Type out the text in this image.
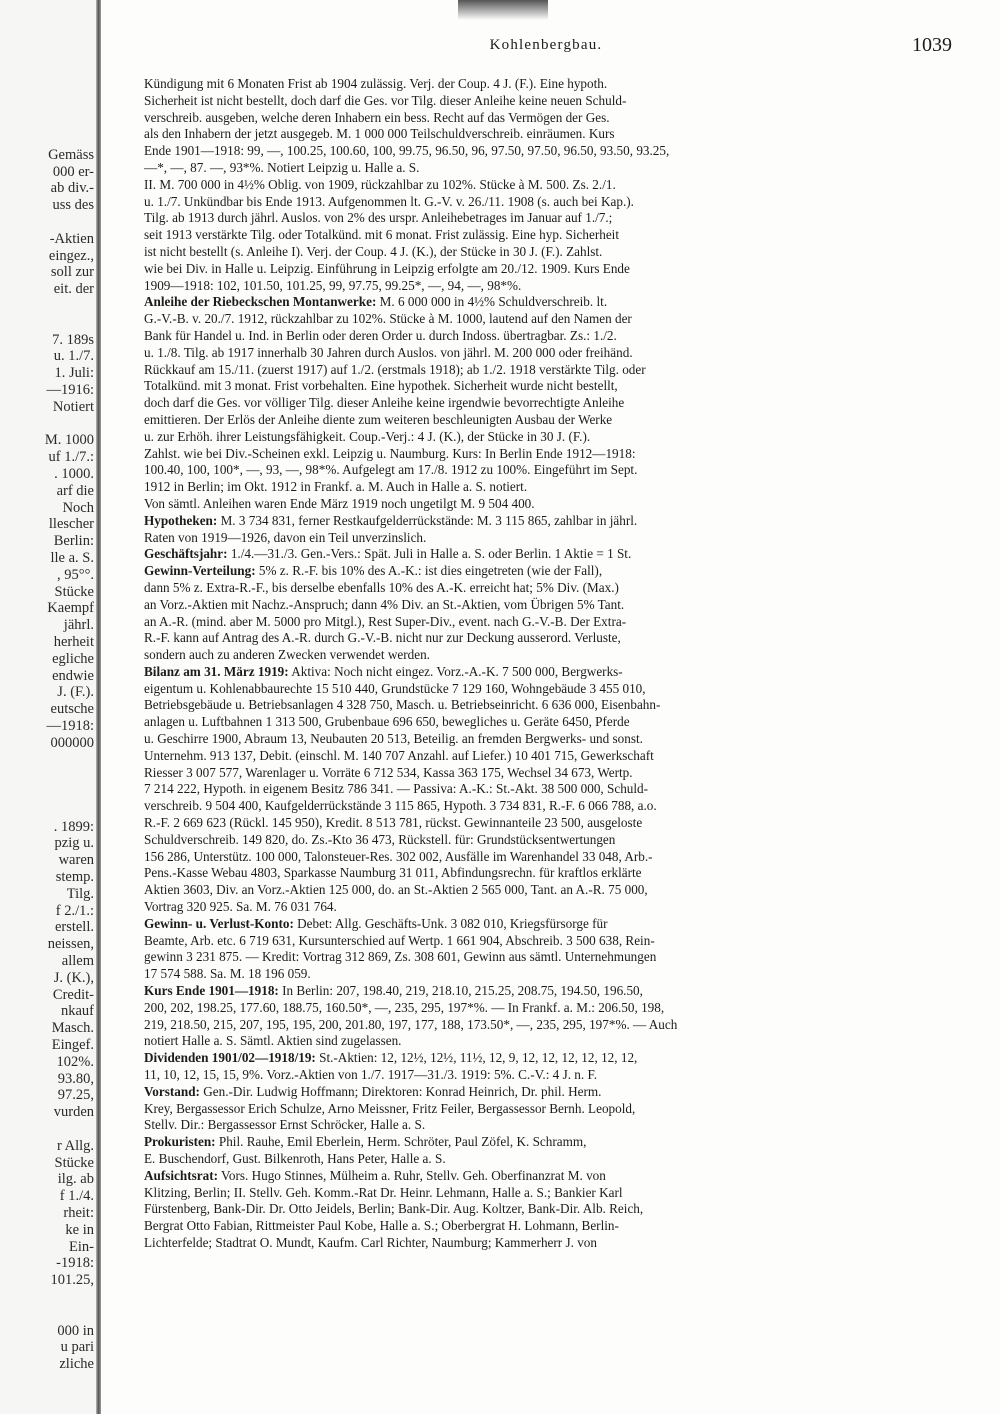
Gemäss
000 er-
ab div.-
uss des

-Aktien
eingez.,
soll zur
eit. der

7. 189s
u. 1./7.
1. Juli:
—1916:
Notiert

M. 1000
uf 1./7.:
. 1000.
arf die
Noch
llescher
Berlin:
lle a. S.
, 95°°.
Stücke
Kaempf
jährl.
herheit
egliche
endwie
J. (F.).
eutsche
—1918:
000000

. 1899:
pzig u.
waren
stemp.
Tilg.
f 2./1.:
erstell.
neissen,
allem
J. (K.),
Credit-
nkauf
Masch.
Eingef.
102%.
93.80,
97.25,
vurden

r Allg.
Stücke
ilg. ab
f 1./4.
rheit:
ke in
Ein-
-1918:
101.25,

000 in
u pari
zliche
Kohlenbergbau.	1039
Kündigung mit 6 Monaten Frist ab 1904 zulässig. Verj. der Coup. 4 J. (F.). Eine hypoth.
Sicherheit ist nicht bestellt, doch darf die Ges. vor Tilg. dieser Anleihe keine neuen Schuld-
verschreib. ausgeben, welche deren Inhabern ein bess. Recht auf das Vermögen der Ges.
als den Inhabern der jetzt ausgegeb. M. 1 000 000 Teilschuldverschreib. einräumen. Kurs
Ende 1901—1918: 99, —, 100.25, 100.60, 100, 99.75, 96.50, 96, 97.50, 97.50, 96.50, 93.50, 93.25,
—*, —, 87. —, 93*%. Notiert Leipzig u. Halle a. S.
II. M. 700 000 in 4½% Oblig. von 1909, rückzahlbar zu 102%. Stücke à M. 500. Zs. 2./1.
u. 1./7. Unkündbar bis Ende 1913. Aufgenommen lt. G.-V. v. 26./11. 1908 (s. auch bei Kap.).
Tilg. ab 1913 durch jährl. Auslos. von 2% des urspr. Anleihebetrages im Januar auf 1./7.;
seit 1913 verstärkte Tilg. oder Totalkünd. mit 6 monat. Frist zulässig. Eine hyp. Sicherheit
ist nicht bestellt (s. Anleihe I). Verj. der Coup. 4 J. (K.), der Stücke in 30 J. (F.). Zahlst.
wie bei Div. in Halle u. Leipzig. Einführung in Leipzig erfolgte am 20./12. 1909. Kurs Ende
1909—1918: 102, 101.50, 101.25, 99, 97.75, 99.25*, —, 94, —, 98*%.
Anleihe der Riebeckschen Montanwerke: M. 6 000 000 in 4½% Schuldverschreib. lt.
G.-V.-B. v. 20./7. 1912, rückzahlbar zu 102%. Stücke à M. 1000, lautend auf den Namen der
Bank für Handel u. Ind. in Berlin oder deren Order u. durch Indoss. übertragbar. Zs.: 1./2.
u. 1./8. Tilg. ab 1917 innerhalb 30 Jahren durch Auslos. von jährl. M. 200 000 oder freihänd.
Rückkauf am 15./11. (zuerst 1917) auf 1./2. (erstmals 1918); ab 1./2. 1918 verstärkte Tilg. oder
Totalkünd. mit 3 monat. Frist vorbehalten. Eine hypothek. Sicherheit wurde nicht bestellt,
doch darf die Ges. vor völliger Tilg. dieser Anleihe keine irgendwie bevorrechtigte Anleihe
emittieren. Der Erlös der Anleihe diente zum weiteren beschleunigten Ausbau der Werke
u. zur Erhöh. ihrer Leistungsfähigkeit. Coup.-Verj.: 4 J. (K.), der Stücke in 30 J. (F.).
Zahlst. wie bei Div.-Scheinen exkl. Leipzig u. Naumburg. Kurs: In Berlin Ende 1912—1918:
100.40, 100, 100*, —, 93, —, 98*%. Aufgelegt am 17./8. 1912 zu 100%. Eingeführt im Sept.
1912 in Berlin; im Okt. 1912 in Frankf. a. M. Auch in Halle a. S. notiert.
Von sämtl. Anleihen waren Ende März 1919 noch ungetilgt M. 9 504 400.
Hypotheken: M. 3 734 831, ferner Restkaufgelderrückstände: M. 3 115 865, zahlbar in jährl.
Raten von 1919—1926, davon ein Teil unverzinslich.
Geschäftsjahr: 1./4.—31./3. Gen.-Vers.: Spät. Juli in Halle a. S. oder Berlin. 1 Aktie = 1 St.
Gewinn-Verteilung: 5% z. R.-F. bis 10% des A.-K.: ist dies eingetreten (wie der Fall),
dann 5% z. Extra-R.-F., bis derselbe ebenfalls 10% des A.-K. erreicht hat; 5% Div. (Max.)
an Vorz.-Aktien mit Nachz.-Anspruch; dann 4% Div. an St.-Aktien, vom Übrigen 5% Tant.
an A.-R. (mind. aber M. 5000 pro Mitgl.), Rest Super-Div., event. nach G.-V.-B. Der Extra-
R.-F. kann auf Antrag des A.-R. durch G.-V.-B. nicht nur zur Deckung ausserord. Verluste,
sondern auch zu anderen Zwecken verwendet werden.
Bilanz am 31. März 1919: Aktiva: Noch nicht eingez. Vorz.-A.-K. 7 500 000, Bergwerks-
eigentum u. Kohlenabbaurechte 15 510 440, Grundstücke 7 129 160, Wohngebäude 3 455 010,
Betriebsgebäude u. Betriebsanlagen 4 328 750, Masch. u. Betriebseinricht. 6 636 000, Eisenbahn-
anlagen u. Luftbahnen 1 313 500, Grubenbaue 696 650, bewegliches u. Geräte 6450, Pferde
u. Geschirre 1900, Abraum 13, Neubauten 20 513, Beteilig. an fremden Bergwerks- und sonst.
Unternehm. 913 137, Debit. (einschl. M. 140 707 Anzahl. auf Liefer.) 10 401 715, Gewerkschaft
Riesser 3 007 577, Warenlager u. Vorräte 6 712 534, Kassa 363 175, Wechsel 34 673, Wertp.
7 214 222, Hypoth. in eigenem Besitz 786 341. — Passiva: A.-K.: St.-Akt. 38 500 000, Schuld-
verschreib. 9 504 400, Kaufgelderrückstände 3 115 865, Hypoth. 3 734 831, R.-F. 6 066 788, a.o.
R.-F. 2 669 623 (Rückl. 145 950), Kredit. 8 513 781, rückst. Gewinnanteile 23 500, ausgeloste
Schuldverschreib. 149 820, do. Zs.-Kto 36 473, Rückstell. für: Grundstücksentwertungen
156 286, Unterstütz. 100 000, Talonsteuer-Res. 302 002, Ausfälle im Warenhandel 33 048, Arb.-
Pens.-Kasse Webau 4803, Sparkasse Naumburg 31 011, Abfindungsrechn. für kraftlos erklärte
Aktien 3603, Div. an Vorz.-Aktien 125 000, do. an St.-Aktien 2 565 000, Tant. an A.-R. 75 000,
Vortrag 320 925. Sa. M. 76 031 764.
Gewinn- u. Verlust-Konto: Debet: Allg. Geschäfts-Unk. 3 082 010, Kriegsfürsorge für
Beamte, Arb. etc. 6 719 631, Kursunterschied auf Wertp. 1 661 904, Abschreib. 3 500 638, Rein-
gewinn 3 231 875. — Kredit: Vortrag 312 869, Zs. 308 601, Gewinn aus sämtl. Unternehmungen
17 574 588. Sa. M. 18 196 059.
Kurs Ende 1901—1918: In Berlin: 207, 198.40, 219, 218.10, 215.25, 208.75, 194.50, 196.50,
200, 202, 198.25, 177.60, 188.75, 160.50*, —, 235, 295, 197*%. — In Frankf. a. M.: 206.50, 198,
219, 218.50, 215, 207, 195, 195, 200, 201.80, 197, 177, 188, 173.50*, —, 235, 295, 197*%. — Auch
notiert Halle a. S. Sämtl. Aktien sind zugelassen.
Dividenden 1901/02—1918/19: St.-Aktien: 12, 12½, 12½, 11½, 12, 9, 12, 12, 12, 12, 12, 12,
11, 10, 12, 15, 15, 9%. Vorz.-Aktien von 1./7. 1917—31./3. 1919: 5%. C.-V.: 4 J. n. F.
Vorstand: Gen.-Dir. Ludwig Hoffmann; Direktoren: Konrad Heinrich, Dr. phil. Herm.
Krey, Bergassessor Erich Schulze, Arno Meissner, Fritz Feiler, Bergassessor Bernh. Leopold,
Stellv. Dir.: Bergassessor Ernst Schröcker, Halle a. S.
Prokuristen: Phil. Rauhe, Emil Eberlein, Herm. Schröter, Paul Zöfel, K. Schramm,
E. Buschendorf, Gust. Bilkenroth, Hans Peter, Halle a. S.
Aufsichtsrat: Vors. Hugo Stinnes, Mülheim a. Ruhr, Stellv. Geh. Oberfinanzrat M. von
Klitzing, Berlin; II. Stellv. Geh. Komm.-Rat Dr. Heinr. Lehmann, Halle a. S.; Bankier Karl
Fürstenberg, Bank-Dir. Dr. Otto Jeidels, Berlin; Bank-Dir. Aug. Koltzer, Bank-Dir. Alb. Reich,
Bergrat Otto Fabian, Rittmeister Paul Kobe, Halle a. S.; Oberbergrat H. Lohmann, Berlin-
Lichterfelde; Stadtrat O. Mundt, Kaufm. Carl Richter, Naumburg; Kammerherr J. von
